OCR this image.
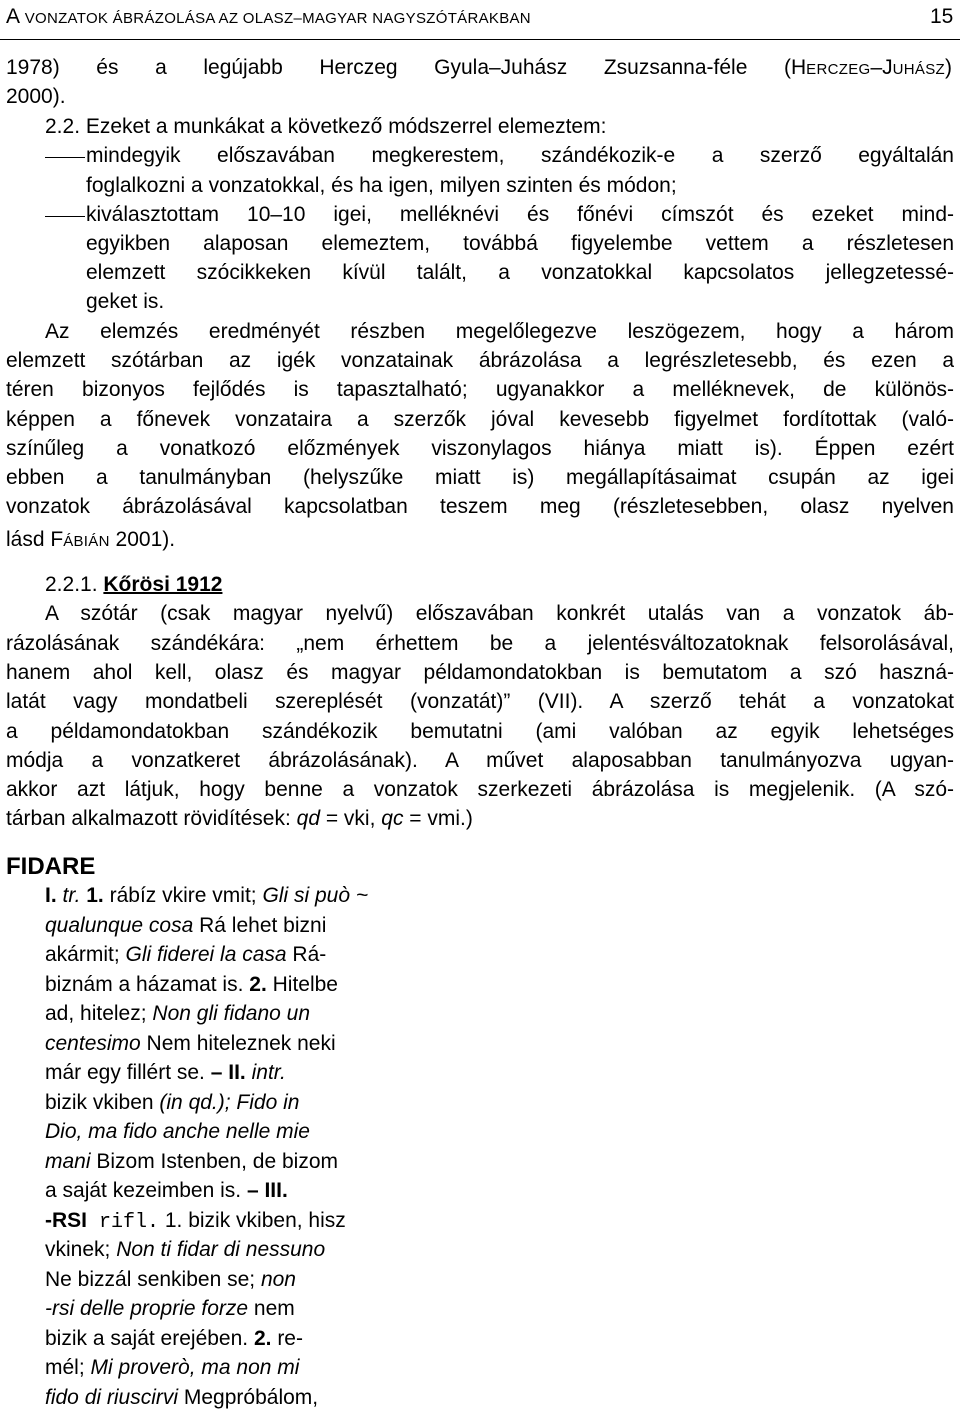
A VONZATOK ÁBRÁZOLÁSA AZ OLASZ–MAGYAR NAGYSZÓTÁRAKBAN	15
1978) és a legújabb Herczeg Gyula–Juhász Zsuzsanna-féle (HERCZEG–JUHÁSZ)
2000).
2.2. Ezeket a munkákat a következő módszerrel elemeztem:
mindegyik előszavában megkerestem, szándékozik-e a szerző egyáltalán
foglalkozni a vonzatokkal, és ha igen, milyen szinten és módon;
kiválasztottam 10–10 igei, melléknévi és főnévi címszót és ezeket mind-
egyikben alaposan elemeztem, továbbá figyelembe vettem a részletesen
elemzett szócikkeken kívül talált, a vonzatokkal kapcsolatos jellegzetessé-
geket is.
Az elemzés eredményét részben megelőlegezve leszögezem, hogy a három
elemzett szótárban az igék vonzatainak ábrázolása a legrészletesebb, és ezen a
téren bizonyos fejlődés is tapasztalható; ugyanakkor a melléknevek, de különös-
képpen a főnevek vonzataira a szerzők jóval kevesebb figyelmet fordítottak (való-
színűleg a vonatkozó előzmények viszonylagos hiánya miatt is). Éppen ezért
ebben a tanulmányban (helyszűke miatt is) megállapításaimat csupán az igei
vonzatok ábrázolásával kapcsolatban teszem meg (részletesebben, olasz nyelven
lásd FÁBIÁN 2001).
2.2.1. Kőrösi 1912
A szótár (csak magyar nyelvű) előszavában konkrét utalás van a vonzatok áb-
rázolásának szándékára: „nem érhettem be a jelentésváltozatoknak felsorolásával,
hanem ahol kell, olasz és magyar példamondatokban is bemutatom a szó haszná-
latát vagy mondatbeli szereplését (vonzatát)” (VII). A szerző tehát a vonzatokat
a példamondatokban szándékozik bemutatni (ami valóban az egyik lehetséges
módja a vonzatkeret ábrázolásának). A művet alaposabban tanulmányozva ugyan-
akkor azt látjuk, hogy benne a vonzatok szerkezeti ábrázolása is megjelenik. (A szó-
tárban alkalmazott rövidítések: qd = vki, qc = vmi.)
FIDARE
I. tr. 1. rábíz vkire vmit; Gli si può ~
qualunque cosa Rá lehet bizni
akármit; Gli fiderei la casa Rá-
biznám a házamat is. 2. Hitelbe
ad, hitelez; Non gli fidano un
centesimo Nem hiteleznek neki
már egy fillért se. – II. intr.
bizik vkiben (in qd.); Fido in
Dio, ma fido anche nelle mie
mani Bizom Istenben, de bizom
a saját kezeimben is. – III.
-RSI rifl. 1. bizik vkiben, hisz
vkinek; Non ti fidar di nessuno
Ne bizzál senkiben se; non
-rsi delle proprie forze nem
bizik a saját erejében. 2. re-
mél; Mi proverò, ma non mi
fido di riuscirvi Megpróbálom,
